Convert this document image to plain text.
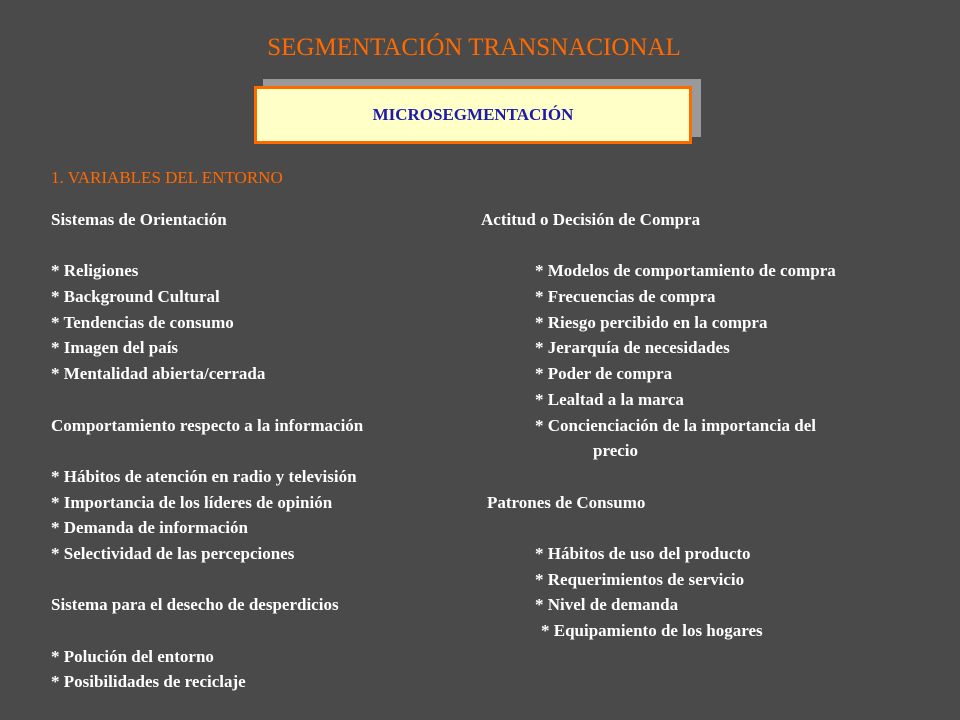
SEGMENTACIÓN TRANSNACIONAL
MICROSEGMENTACIÓN
1. VARIABLES DEL ENTORNO
Sistemas de Orientación
* Religiones
* Background Cultural
* Tendencias de consumo
* Imagen del país
* Mentalidad abierta/cerrada
Comportamiento respecto a la información
* Hábitos de atención en radio y televisión
* Importancia de los líderes de opinión
* Demanda de información
* Selectividad de las percepciones
Sistema para el desecho de desperdicios
* Polución del entorno
* Posibilidades de reciclaje
Actitud o Decisión de Compra
* Modelos de comportamiento de compra
* Frecuencias de compra
* Riesgo percibido en la compra
* Jerarquía de necesidades
* Poder de compra
* Lealtad a la marca
* Concienciación de la importancia del
precio
Patrones de Consumo
* Hábitos de uso del producto
* Requerimientos de servicio
* Nivel de demanda
* Equipamiento de los hogares
